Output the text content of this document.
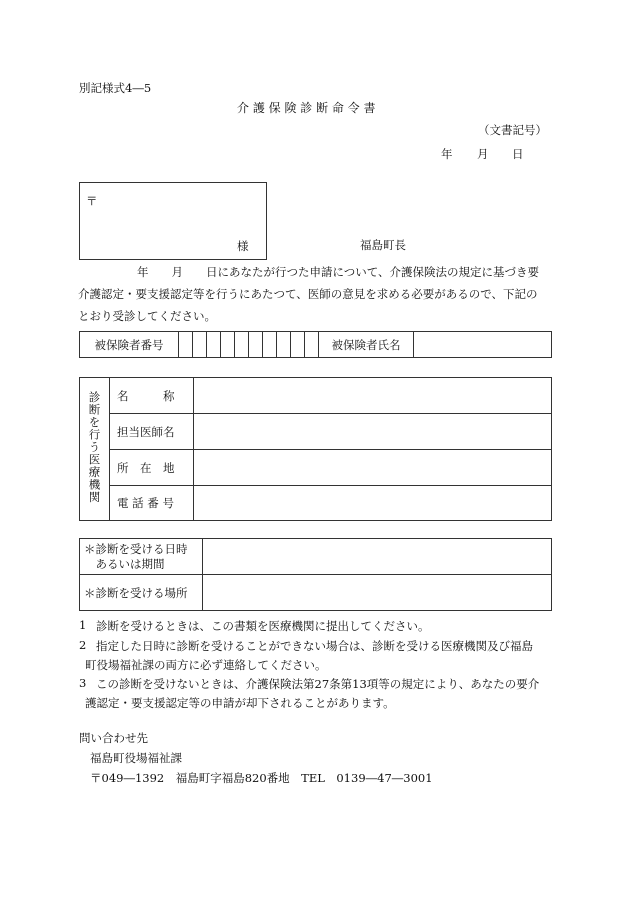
別記様式4―5
介 護 保 険 診 断 命 令 書
（文書記号）
年 月 日
〒
様	福島町長
年　　月　　日にあなたが行つた申請について、介護保険法の規定に基づき要
介護認定・要支援認定等を行うにあたつて、医師の意見を求める必要があるので、下記の
とおり受診してください。
被保険者番号											被保険者氏名	
診断を行う医療機関	名　　　称	
	担当医師名	
	所　在　地	
	電 話 番 号	
＊診断を受ける日時
　あるいは期間	

＊診断を受ける場所	
1 診断を受けるときは、この書類を医療機関に提出してください。
2 指定した日時に診断を受けることができない場合は、診断を受ける医療機関及び福島
町役場福祉課の両方に必ず連絡してください。
3 この診断を受けないときは、介護保険法第27条第13項等の規定により、あなたの要介
護認定・要支援認定等の申請が却下されることがあります。
問い合わせ先
福島町役場福祉課
〒049―1392　福島町字福島820番地　TEL　0139―47―3001
